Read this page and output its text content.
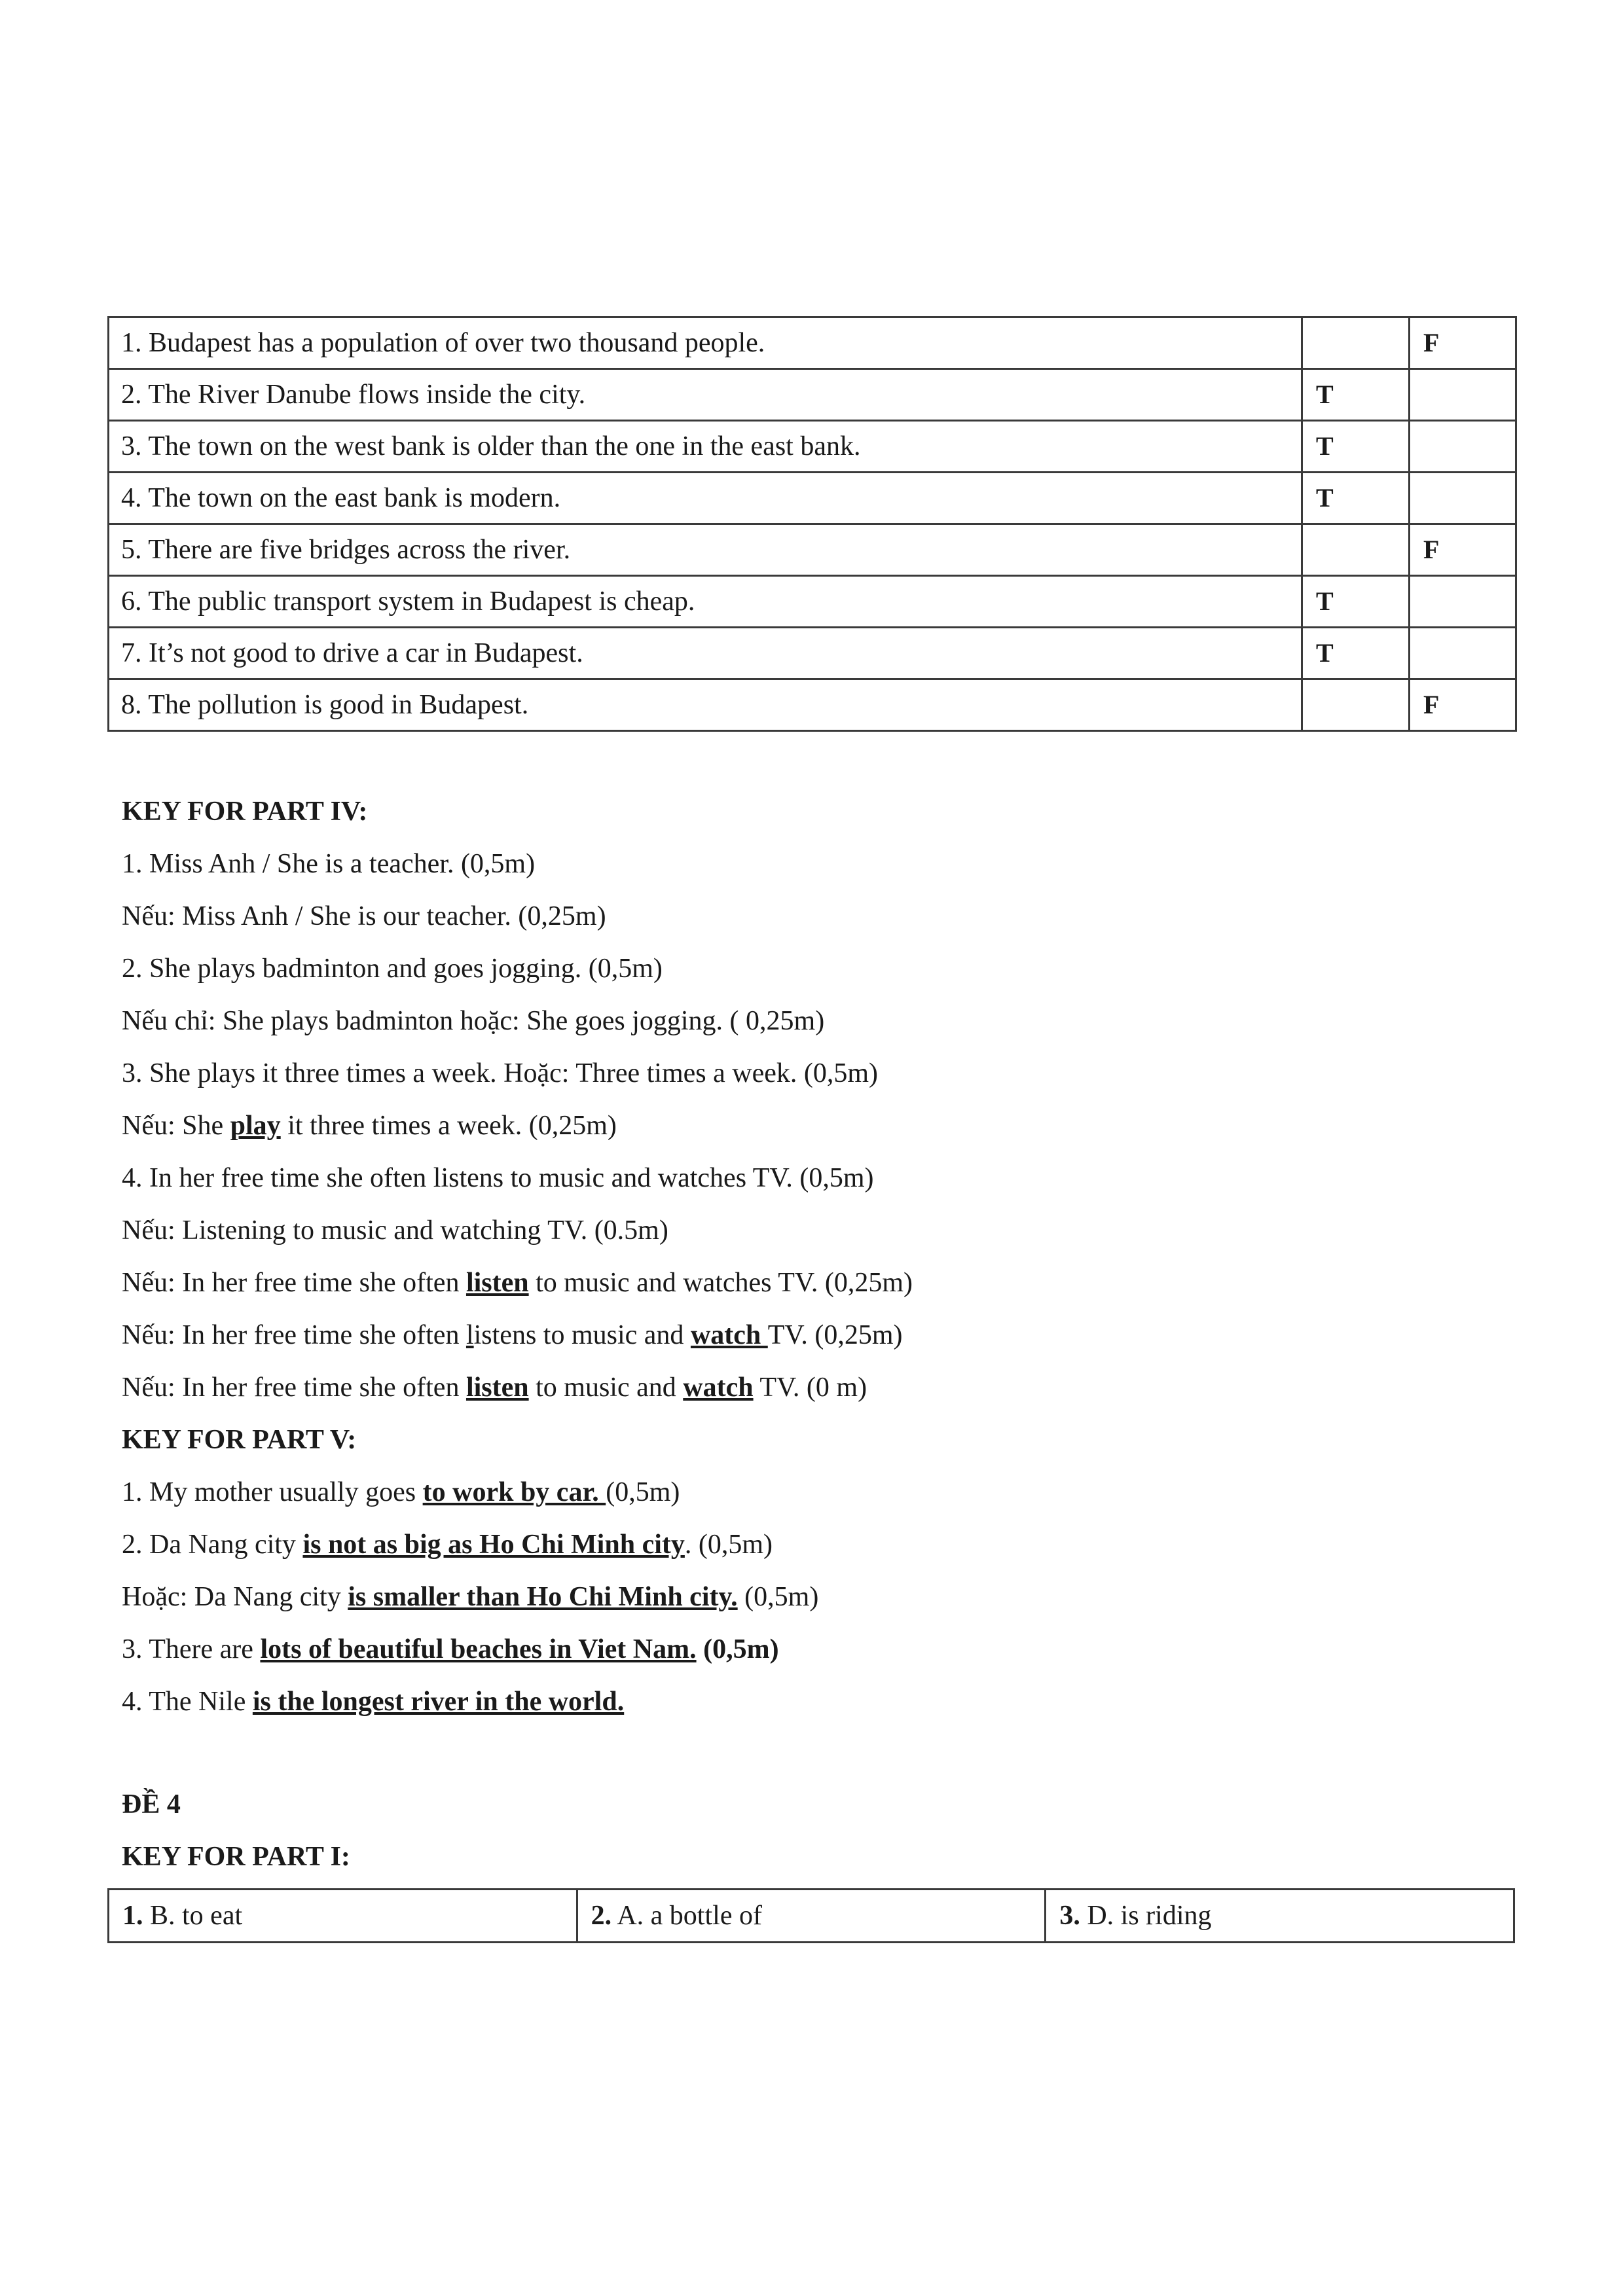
1. Budapest has a population of over two thousand people.		F
2. The River Danube flows inside the city.	T	
3. The town on the west bank is older than the one in the east bank.	T	
4. The town on the east bank is modern.	T	
5. There are five bridges across the river.		F
6. The public transport system in Budapest is cheap.	T	
7. It’s not good to drive a car in Budapest.	T	
8. The pollution is good in Budapest.		F
KEY FOR PART IV:
1. Miss Anh / She is a teacher. (0,5m)
Nếu: Miss Anh / She is our teacher. (0,25m)
2. She plays badminton and goes jogging. (0,5m)
Nếu chỉ: She plays badminton hoặc: She goes jogging. ( 0,25m)
3. She plays it three times a week. Hoặc: Three times a week. (0,5m)
Nếu: She play it three times a week. (0,25m)
4. In her free time she often listens to music and watches TV. (0,5m)
Nếu: Listening to music and watching TV. (0.5m)
Nếu: In her free time she often listen to music and watches TV. (0,25m)
Nếu: In her free time she often listens to music and watch TV. (0,25m)
Nếu: In her free time she often listen to music and watch TV. (0 m)
KEY FOR PART V:
1. My mother usually goes to work by car. (0,5m)
2. Da Nang city is not as big as Ho Chi Minh city. (0,5m)
Hoặc: Da Nang city is smaller than Ho Chi Minh city. (0,5m)
3. There are lots of beautiful beaches in Viet Nam. (0,5m)
4. The Nile is the longest river in the world.
ĐỀ 4
KEY FOR PART I:
1. B. to eat	2. A. a bottle of	3. D. is riding
